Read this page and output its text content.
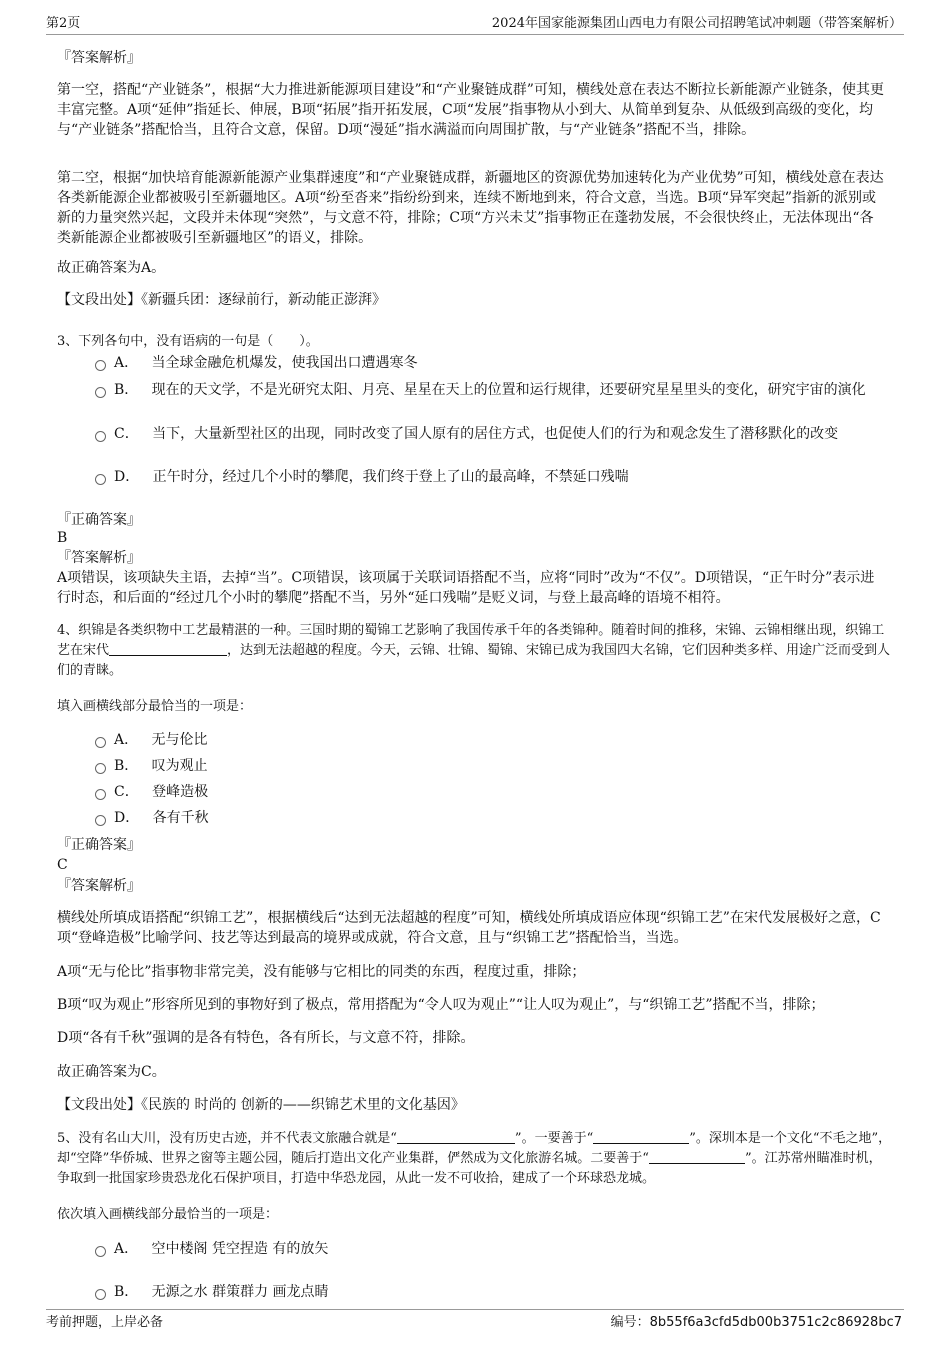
第2页	2024年国家能源集团山西电力有限公司招聘笔试冲刺题（带答案解析）
『答案解析』
第一空，搭配“产业链条”，根据“大力推进新能源项目建设”和“产业聚链成群”可知，横线处意在表达不断拉长新能源产业链条，使其更丰富完整。A项“延伸”指延长、伸展，B项“拓展”指开拓发展，C项“发展”指事物从小到大、从简单到复杂、从低级到高级的变化，均与“产业链条”搭配恰当，且符合文意，保留。D项“漫延”指水满溢而向周围扩散，与“产业链条”搭配不当，排除。
第二空，根据“加快培育能源新能源产业集群速度”和“产业聚链成群，新疆地区的资源优势加速转化为产业优势”可知，横线处意在表达各类新能源企业都被吸引至新疆地区。A项“纷至沓来”指纷纷到来，连续不断地到来，符合文意，当选。B项“异军突起”指新的派别或新的力量突然兴起，文段并未体现“突然”，与文意不符，排除；C项“方兴未艾”指事物正在蓬勃发展，不会很快终止，无法体现出“各类新能源企业都被吸引至新疆地区”的语义，排除。
故正确答案为A。
【文段出处】《新疆兵团：逐绿前行，新动能正澎湃》
3、下列各句中，没有语病的一句是（　　）。
A． 当全球金融危机爆发，使我国出口遭遇寒冬
B． 现在的天文学，不是光研究太阳、月亮、星星在天上的位置和运行规律，还要研究星星里头的变化，研究宇宙的演化
C． 当下，大量新型社区的出现，同时改变了国人原有的居住方式，也促使人们的行为和观念发生了潜移默化的改变
D． 正午时分，经过几个小时的攀爬，我们终于登上了山的最高峰，不禁延口残喘
『正确答案』
B
『答案解析』
A项错误，该项缺失主语，去掉“当”。C项错误，该项属于关联词语搭配不当，应将“同时”改为“不仅”。D项错误，“正午时分”表示进行时态，和后面的“经过几个小时的攀爬”搭配不当，另外“延口残喘”是贬义词，与登上最高峰的语境不相符。
4、织锦是各类织物中工艺最精湛的一种。三国时期的蜀锦工艺影响了我国传承千年的各类锦种。随着时间的推移，宋锦、云锦相继出现，织锦工艺在宋代	，达到无法超越的程度。今天，云锦、壮锦、蜀锦、宋锦已成为我国四大名锦，它们因种类多样、用途广泛而受到人们的青睐。
填入画横线部分最恰当的一项是：
A． 无与伦比
B． 叹为观止
C． 登峰造极
D． 各有千秋
『正确答案』
C
『答案解析』
横线处所填成语搭配“织锦工艺”，根据横线后“达到无法超越的程度”可知，横线处所填成语应体现“织锦工艺”在宋代发展极好之意，C项“登峰造极”比喻学问、技艺等达到最高的境界或成就，符合文意，且与“织锦工艺”搭配恰当，当选。
A项“无与伦比”指事物非常完美，没有能够与它相比的同类的东西，程度过重，排除；
B项“叹为观止”形容所见到的事物好到了极点，常用搭配为“令人叹为观止”“让人叹为观止”，与“织锦工艺”搭配不当，排除；
D项“各有千秋”强调的是各有特色，各有所长，与文意不符，排除。
故正确答案为C。
【文段出处】《民族的 时尚的 创新的——织锦艺术里的文化基因》
5、没有名山大川，没有历史古迹，并不代表文旅融合就是“	”。一要善于“	”。深圳本是一个文化“不毛之地”，却“空降”华侨城、世界之窗等主题公园，随后打造出文化产业集群，俨然成为文化旅游名城。二要善于“	”。江苏常州瞄准时机，争取到一批国家珍贵恐龙化石保护项目，打造中华恐龙园，从此一发不可收拾，建成了一个环球恐龙城。
依次填入画横线部分最恰当的一项是：
A． 空中楼阁 凭空捏造 有的放矢
B． 无源之水 群策群力 画龙点睛
考前押题，上岸必备	编号：8b55f6a3cfd5db00b3751c2c86928bc7
